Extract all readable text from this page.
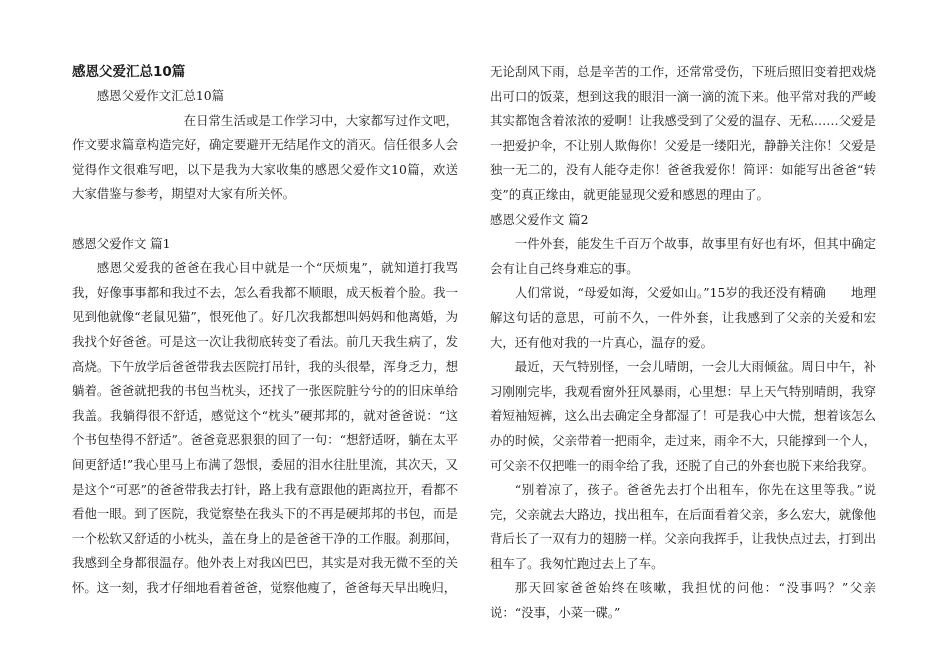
感恩父爱汇总10篇

感恩父爱作文汇总10篇

在日常生活或是工作学习中，大家都写过作文吧，作文要求篇章构造完好，确定要避开无结尾作文的消灭。信任很多人会觉得作文很难写吧，以下是我为大家收集的感恩父爱作文10篇，欢送大家借鉴与参考，期望对大家有所关怀。

感恩父爱作文 篇1

感恩父爱我的爸爸在我心目中就是一个“厌烦鬼”，就知道打我骂我，好像事事都和我过不去，怎么看我都不顺眼，成天板着个脸。我一见到他就像“老鼠见猫”，恨死他了。好几次我都想叫妈妈和他离婚，为我找个好爸爸。可是这一次让我彻底转变了看法。前几天我生病了，发高烧。下午放学后爸爸带我去医院打吊针，我的头很晕，浑身乏力，想躺着。爸爸就把我的书包当枕头，还找了一张医院脏兮兮的的旧床单给我盖。我躺得很不舒适，感觉这个“枕头”硬邦邦的，就对爸爸说：“这个书包垫得不舒适”。爸爸竟恶狠狠的回了一句：“想舒适呀，躺在太平间更舒适!”我心里马上布满了怨恨，委屈的泪水往肚里流，其次天，又是这个“可恶”的爸爸带我去打针，路上我有意跟他的距离拉开，看都不看他一眼。到了医院，我觉察垫在我头下的不再是硬邦邦的书包，而是一个松软又舒适的小枕头，盖在身上的是爸爸干净的工作服。刹那间，我感到全身都很温存。他外表上对我凶巴巴，其实是对我无微不至的关怀。这一刻，我才仔细地看着爸爸，觉察他瘦了，爸爸每天早出晚归，

无论刮风下雨，总是辛苦的工作，还常常受伤，下班后照旧变着把戏烧出可口的饭菜，想到这我的眼泪一滴一滴的流下来。他平常对我的严峻其实都饱含着浓浓的爱啊！让我感受到了父爱的温存、无私……父爱是一把爱护伞，不让别人欺侮你！父爱是一缕阳光，静静关注你！父爱是独一无二的，没有人能夺走你！爸爸我爱你！简评：如能写出爸爸“转变”的真正缘由，就更能显现父爱和感恩的理由了。

感恩父爱作文 篇2

一件外套，能发生千百万个故事，故事里有好也有坏，但其中确定会有让自己终身难忘的事。

人们常说，“母爱如海，父爱如山。”15岁的我还没有精确　　地理解这句话的意思，可前不久，一件外套，让我感到了父亲的关爱和宏大，还有他对我的一片真心，温存的爱。

最近，天气特别怪，一会儿晴朗，一会儿大雨倾盆。周日中午，补习刚刚完毕，我观看窗外狂风暴雨，心里想：早上天气特别晴朗，我穿着短袖短裤，这么出去确定全身都湿了！可是我心中大慌，想着该怎么办的时候，父亲带着一把雨伞，走过来，雨伞不大，只能撑到一个人，可父亲不仅把唯一的雨伞给了我，还脱了自己的外套也脱下来给我穿。

“别着凉了，孩子。爸爸先去打个出租车，你先在这里等我。”说完，父亲就去大路边，找出租车，在后面看着父亲，多么宏大，就像他背后长了一双有力的翅膀一样。父亲向我挥手，让我快点过去，打到出租车了。我匆忙跑过去上了车。

那天回家爸爸始终在咳嗽，我担忧的问他：“没事吗？”父亲说：“没事，小菜一碟。”
